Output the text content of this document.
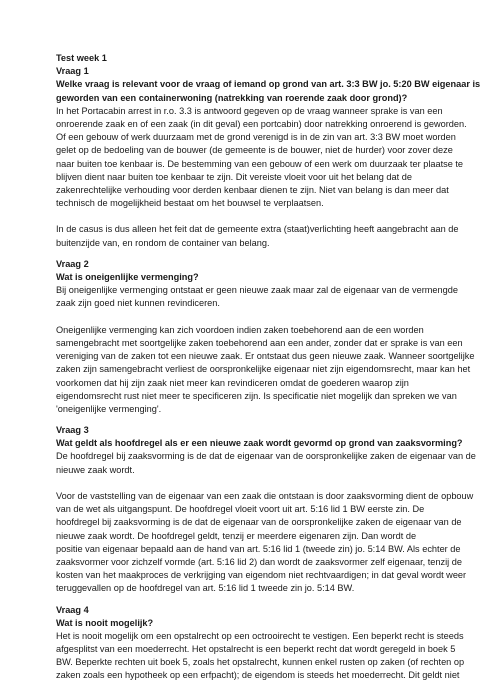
Test week 1
Vraag 1
Welke vraag is relevant voor de vraag of iemand op grond van art. 3:3 BW jo. 5:20 BW eigenaar is
geworden van een containerwoning (natrekking van roerende zaak door grond)?
In het Portacabin arrest in r.o. 3.3 is antwoord gegeven op de vraag wanneer sprake is van een
onroerende zaak en of een zaak (in dit geval) een portcabin) door natrekking onroerend is geworden.
Of een gebouw of werk duurzaam met de grond verenigd is in de zin van art. 3:3 BW moet worden
gelet op de bedoeling van de bouwer (de gemeente is de bouwer, niet de hurder) voor zover deze
naar buiten toe kenbaar is. De bestemming van een gebouw of een werk om duurzaak ter plaatse te
blijven dient naar buiten toe kenbaar te zijn. Dit vereiste vloeit voor uit het belang dat de
zakenrechtelijke verhouding voor derden kenbaar dienen te zijn. Niet van belang is dan meer dat
technisch de mogelijkheid bestaat om het bouwsel te verplaatsen.
In de casus is dus alleen het feit dat de gemeente extra (staat)verlichting heeft aangebracht aan de
buitenzijde van, en rondom de container van belang.
Vraag 2
Wat is oneigenlijke vermenging?
Bij oneigenlijke vermenging ontstaat er geen nieuwe zaak maar zal de eigenaar van de vermengde
zaak zijn goed niet kunnen revindiceren.
Oneigenlijke vermenging kan zich voordoen indien zaken toebehorend aan de een worden
samengebracht met soortgelijke zaken toebehorend aan een ander, zonder dat er sprake is van een
vereniging van de zaken tot een nieuwe zaak. Er ontstaat dus geen nieuwe zaak. Wanneer soortgelijke
zaken zijn samengebracht verliest de oorspronkelijke eigenaar niet zijn eigendomsrecht, maar kan het
voorkomen dat hij zijn zaak niet meer kan revindiceren omdat de goederen waarop zijn
eigendomsrecht rust niet meer te specificeren zijn. Is specificatie niet mogelijk dan spreken we van
'oneigenlijke vermenging'.
Vraag 3
Wat geldt als hoofdregel als er een nieuwe zaak wordt gevormd op grond van zaaksvorming?
De hoofdregel bij zaaksvorming is de dat de eigenaar van de oorspronkelijke zaken de eigenaar van de
nieuwe zaak wordt.
Voor de vaststelling van de eigenaar van een zaak die ontstaan is door zaaksvorming dient de opbouw
van de wet als uitgangspunt. De hoofdregel vloeit voort uit art. 5:16 lid 1 BW eerste zin. De
hoofdregel bij zaaksvorming is de dat de eigenaar van de oorspronkelijke zaken de eigenaar van de
nieuwe zaak wordt. De hoofdregel geldt, tenzij er meerdere eigenaren zijn. Dan wordt de
positie van eigenaar bepaald aan de hand van art. 5:16 lid 1 (tweede zin) jo. 5:14 BW. Als echter de
zaaksvormer voor zichzelf vormde (art. 5:16 lid 2) dan wordt de zaaksvormer zelf eigenaar, tenzij de
kosten van het maakproces de verkrijging van eigendom niet rechtvaardigen; in dat geval wordt weer
teruggevallen op de hoofdregel van art. 5:16 lid 1 tweede zin jo. 5:14 BW.
Vraag 4
Wat is nooit mogelijk?
Het is nooit mogelijk om een opstalrecht op een octrooirecht te vestigen. Een beperkt recht is steeds
afgesplitst van een moederrecht. Het opstalrecht is een beperkt recht dat wordt geregeld in boek 5
BW. Beperkte rechten uit boek 5, zoals het opstalrecht, kunnen enkel rusten op zaken (of rechten op
zaken zoals een hypotheek op een erfpacht); de eigendom is steeds het moederrecht. Dit geldt niet
